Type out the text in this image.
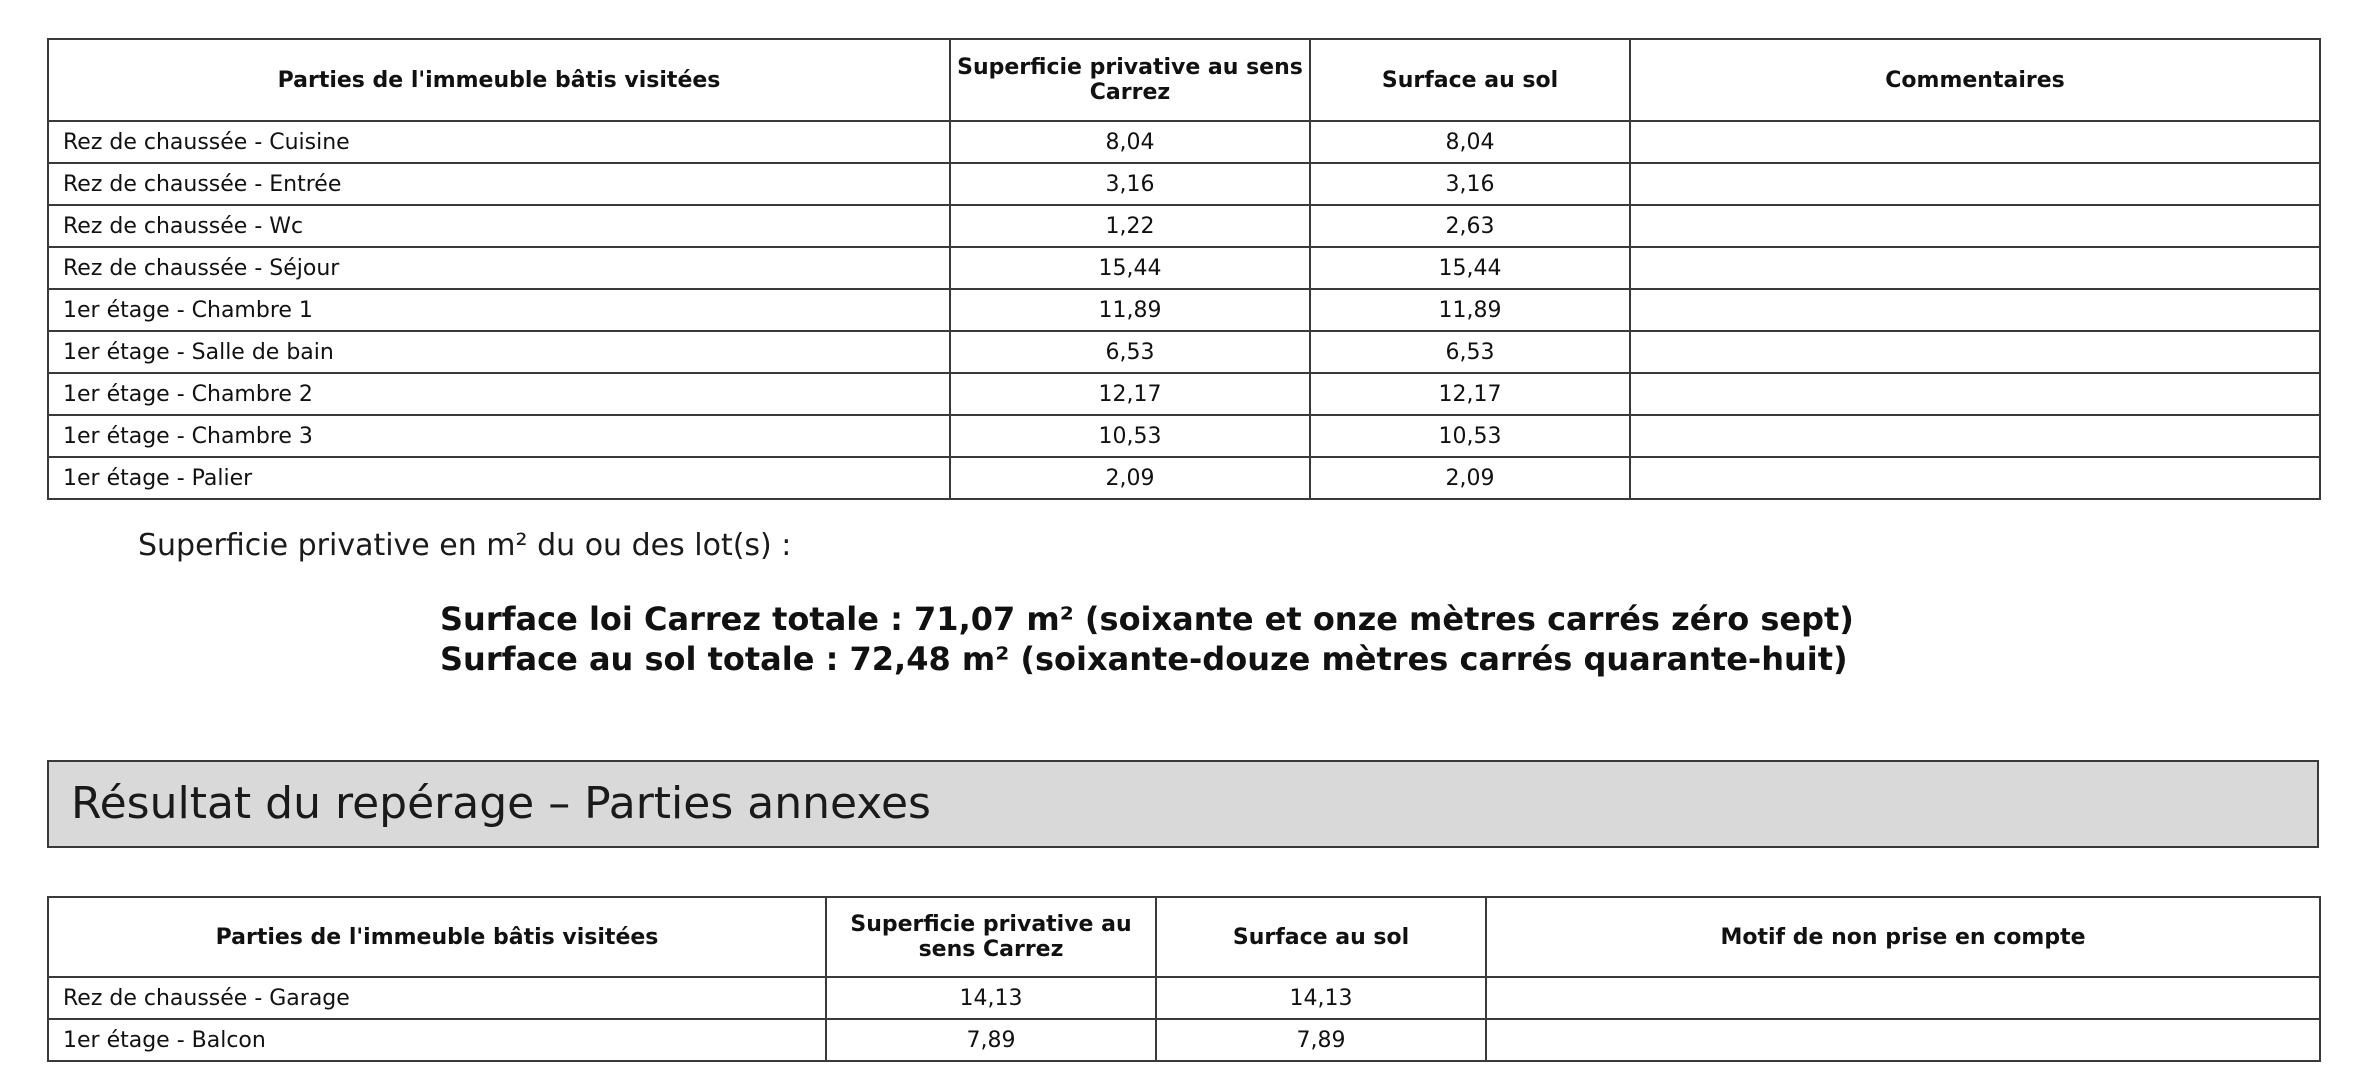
Parties de l'immeuble bâtis visitées	Superficie privative au sens Carrez	Surface au sol	Commentaires
Rez de chaussée - Cuisine	8,04	8,04	
Rez de chaussée - Entrée	3,16	3,16	
Rez de chaussée - Wc	1,22	2,63	
Rez de chaussée - Séjour	15,44	15,44	
1er étage - Chambre 1	11,89	11,89	
1er étage - Salle de bain	6,53	6,53	
1er étage - Chambre 2	12,17	12,17	
1er étage - Chambre 3	10,53	10,53	
1er étage - Palier	2,09	2,09	
Superficie privative en m² du ou des lot(s) :
Surface loi Carrez totale : 71,07 m² (soixante et onze mètres carrés zéro sept)
Surface au sol totale : 72,48 m² (soixante-douze mètres carrés quarante-huit)
Résultat du repérage – Parties annexes
Parties de l'immeuble bâtis visitées	Superficie privative au sens Carrez	Surface au sol	Motif de non prise en compte
Rez de chaussée - Garage	14,13	14,13	
1er étage - Balcon	7,89	7,89	
